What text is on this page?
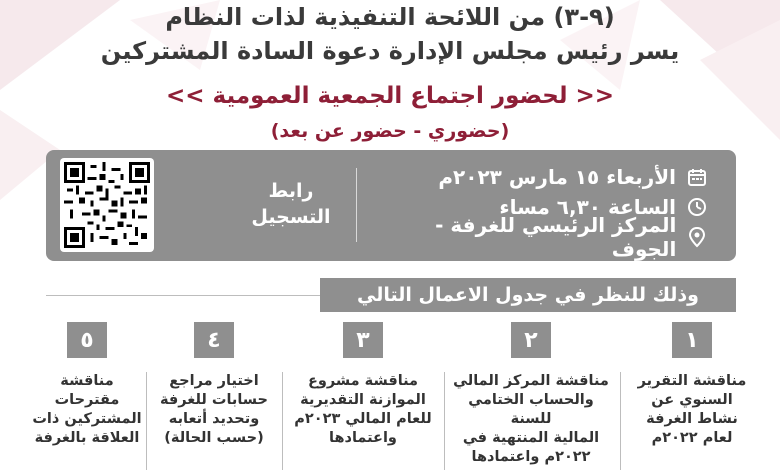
(٩-٣) من اللائحة التنفيذية لذات النظام
يسر رئيس مجلس الإدارة دعوة السادة المشتركين
<< لحضور اجتماع الجمعية العمومية >>
(حضوري - حضور عن بعد)
الأربعاء ١٥ مارس ٢٠٢٣م
الساعة ٦,٣٠ مساء
المركز الرئيسي للغرفة - الجوف
رابط
التسجيل
وذلك للنظر في جدول الاعمال التالي
١
مناقشة التقرير
السنوي عن
نشاط الغرفة
لعام ٢٠٢٢م
٢
مناقشة المركز المالي
والحساب الختامي للسنة
المالية المنتهية في
٢٠٢٢م واعتمادها
٣
مناقشة مشروع
الموازنة التقديرية
للعام المالي ٢٠٢٣م
واعتمادها
٤
اختيار مراجع
حسابات للغرفة
وتحديد أتعابه
(حسب الحالة)
٥
مناقشة
مقترحات
المشتركين ذات
العلاقة بالغرفة
